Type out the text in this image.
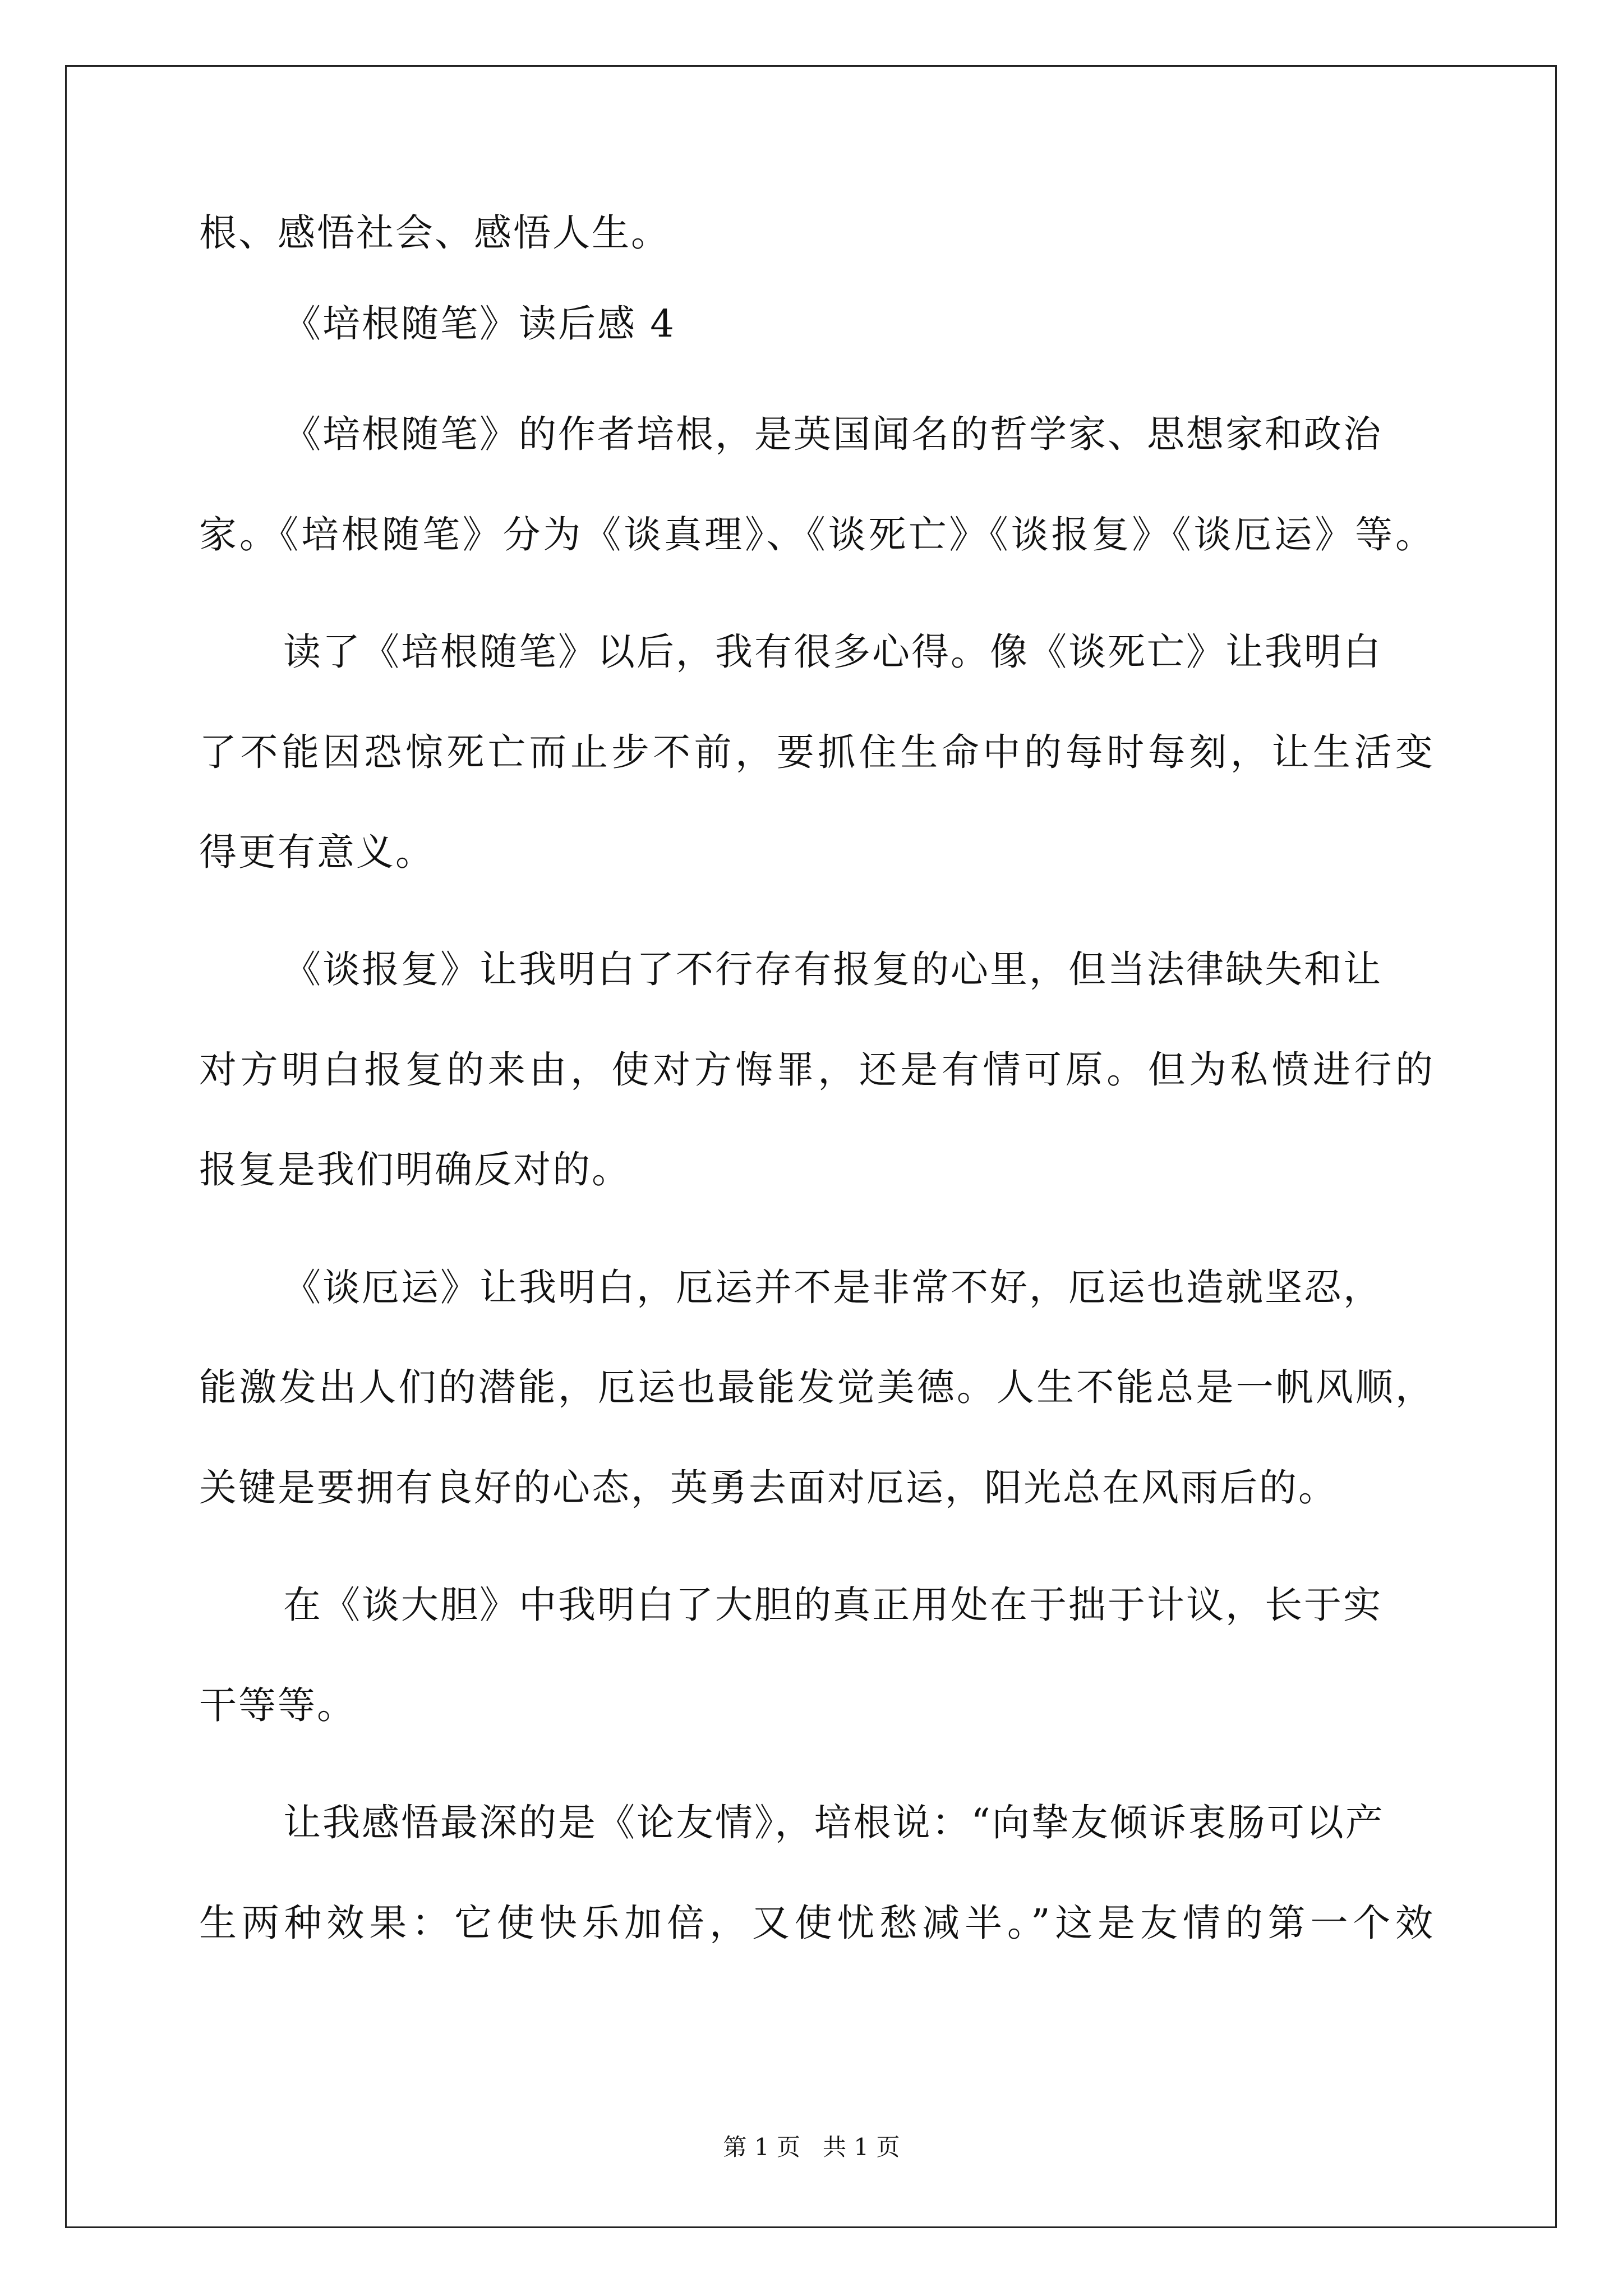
根、感悟社会、感悟人生。
《培根随笔》读后感 4
《培根随笔》的作者培根，是英国闻名的哲学家、思想家和政治
家。《培根随笔》分为《谈真理》、《谈死亡》《谈报复》《谈厄运》等。
读了《培根随笔》以后，我有很多心得。像《谈死亡》让我明白
了不能因恐惊死亡而止步不前，要抓住生命中的每时每刻，让生活变
得更有意义。
《谈报复》让我明白了不行存有报复的心里，但当法律缺失和让
对方明白报复的来由，使对方悔罪，还是有情可原。但为私愤进行的
报复是我们明确反对的。
《谈厄运》让我明白，厄运并不是非常不好，厄运也造就坚忍，
能激发出人们的潜能，厄运也最能发觉美德。人生不能总是一帆风顺，
关键是要拥有良好的心态，英勇去面对厄运，阳光总在风雨后的。
在《谈大胆》中我明白了大胆的真正用处在于拙于计议，长于实
干等等。
让我感悟最深的是《论友情》，培根说：“向挚友倾诉衷肠可以产
生两种效果：它使快乐加倍，又使忧愁减半。”这是友情的第一个效
第 1 页   共 1 页
